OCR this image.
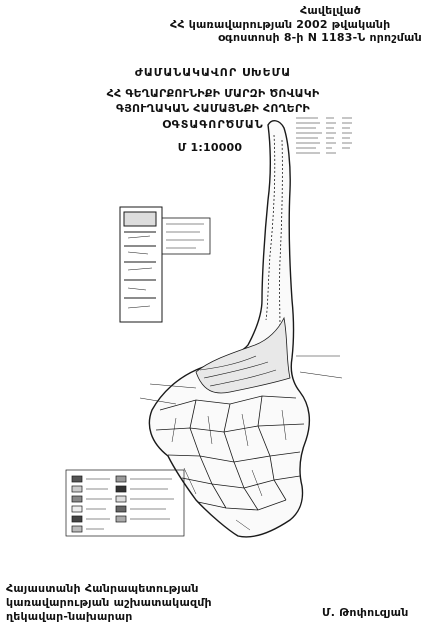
Հավելված
ՀՀ կառավարության 2002 թվականի
օգոստոսի 8-ի N 1183-Ն որոշման
ԺԱՄԱՆԱԿԱՎՈՐ ՍԽԵՄԱ
ՀՀ ԳԵՂԱՐՔՈՒՆԻՔԻ ՄԱՐԶԻ ԾՈՎԱԿԻ
ԳՅՈՒՂԱԿԱՆ ՀԱՄԱՅՆՔԻ ՀՈՂԵՐԻ
ՕԳՏԱԳՈՐԾՄԱՆ
Մ 1:10000
Հայաստանի Հանրապետության
կառավարության աշխատակազմի
ղեկավար-նախարար	Մ. Թոփուզյան
